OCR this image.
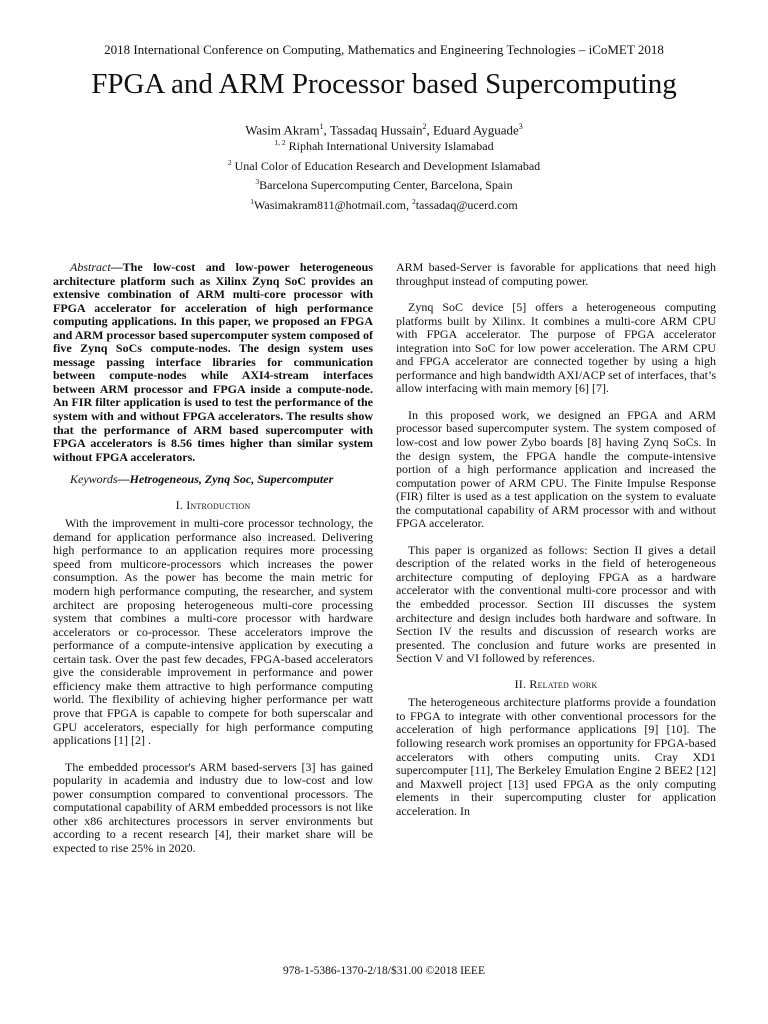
2018 International Conference on Computing, Mathematics and Engineering Technologies – iCoMET 2018
FPGA and ARM Processor based Supercomputing
Wasim Akram$^1$, Tassadaq Hussain$^2$, Eduard Ayguade$^3$
$^{1, 2}$ Riphah International University Islamabad
$^2$ Unal Color of Education Research and Development Islamabad
$^3$Barcelona Supercomputing Center, Barcelona, Spain
$^1$Wasimakram811@hotmail.com, $^2$tassadaq@ucerd.com

Abstract—The low-cost and low-power heterogeneous architecture platform such as Xilinx Zynq SoC provides an extensive combination of ARM multi-core processor with FPGA accelerator for acceleration of high performance computing applications. In this paper, we proposed an FPGA and ARM processor based supercomputer system composed of five Zynq SoCs compute-nodes. The design system uses message passing interface libraries for communication between compute-nodes while AXI4-stream interfaces between ARM processor and FPGA inside a compute-node. An FIR filter application is used to test the performance of the system with and without FPGA accelerators. The results show that the performance of ARM based supercomputer with FPGA accelerators is 8.56 times higher than similar system without FPGA accelerators.

Keywords—Hetrogeneous, Zynq Soc, Supercomputer

I. Introduction

With the improvement in multi-core processor technology, the demand for application performance also increased. Delivering high performance to an application requires more processing speed from multicore-processors which increases the power consumption. As the power has become the main metric for modern high performance computing, the researcher, and system architect are proposing heterogeneous multi-core processing system that combines a multi-core processor with hardware accelerators or co-processor. These accelerators improve the performance of a compute-intensive application by executing a certain task. Over the past few decades, FPGA-based accelerators give the considerable improvement in performance and power efficiency make them attractive to high performance computing world. The flexibility of achieving higher performance per watt prove that FPGA is capable to compete for both superscalar and GPU accelerators, especially for high performance computing applications [1] [2] .

The embedded processor's ARM based-servers [3] has gained popularity in academia and industry due to low-cost and low power consumption compared to conventional processors. The computational capability of ARM embedded processors is not like other x86 architectures processors in server environments but according to a recent research [4], their market share will be expected to rise 25% in 2020.

ARM based-Server is favorable for applications that need high throughput instead of computing power.

Zynq SoC device [5] offers a heterogeneous computing platforms built by Xilinx. It combines a multi-core ARM CPU with FPGA accelerator. The purpose of FPGA accelerator integration into SoC for low power acceleration. The ARM CPU and FPGA accelerator are connected together by using a high performance and high bandwidth AXI/ACP set of interfaces, that’s allow interfacing with main memory [6] [7].

In this proposed work, we designed an FPGA and ARM processor based supercomputer system. The system composed of low-cost and low power Zybo boards [8] having Zynq SoCs. In the design system, the FPGA handle the compute-intensive portion of a high performance application and increased the computation power of ARM CPU. The Finite Impulse Response (FIR) filter is used as a test application on the system to evaluate the computational capability of ARM processor with and without FPGA accelerator.

This paper is organized as follows: Section II gives a detail description of the related works in the field of heterogeneous architecture computing of deploying FPGA as a hardware accelerator with the conventional multi-core processor and with the embedded processor. Section III discusses the system architecture and design includes both hardware and software. In Section IV the results and discussion of research works are presented. The conclusion and future works are presented in Section V and VI followed by references.

II. Related work

The heterogeneous architecture platforms provide a foundation to FPGA to integrate with other conventional processors for the acceleration of high performance applications [9] [10]. The following research work promises an opportunity for FPGA-based accelerators with others computing units. Cray XD1 supercomputer [11], The Berkeley Emulation Engine 2 BEE2 [12] and Maxwell project [13] used FPGA as the only computing elements in their supercomputing cluster for application acceleration. In

978-1-5386-1370-2/18/$31.00 ©2018 IEEE
